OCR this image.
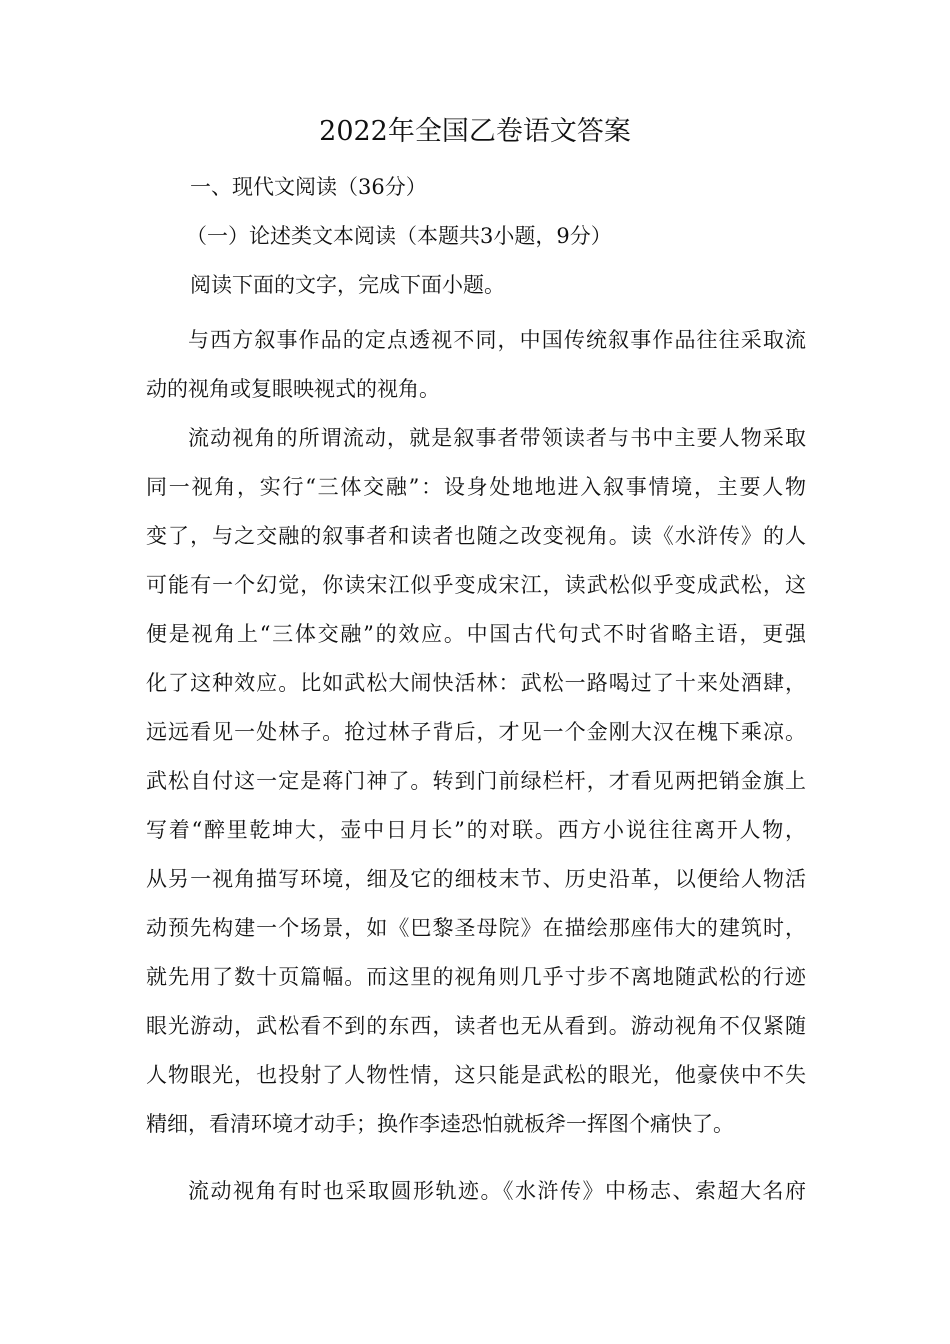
2022年全国乙卷语文答案

一、现代文阅读（36分）

（一）论述类文本阅读（本题共3小题，9分）

阅读下面的文字，完成下面小题。

与西方叙事作品的定点透视不同，中国传统叙事作品往往采取流
动的视角或复眼映视式的视角。
流动视角的所谓流动，就是叙事者带领读者与书中主要人物采取
同一视角，实行“三体交融”：设身处地地进入叙事情境，主要人物
变了，与之交融的叙事者和读者也随之改变视角。读《水浒传》的人
可能有一个幻觉，你读宋江似乎变成宋江，读武松似乎变成武松，这
便是视角上“三体交融”的效应。中国古代句式不时省略主语，更强
化了这种效应。比如武松大闹快活林：武松一路喝过了十来处酒肆，
远远看见一处林子。抢过林子背后，才见一个金刚大汉在槐下乘凉。
武松自付这一定是蒋门神了。转到门前绿栏杆，才看见两把销金旗上
写着“醉里乾坤大，壶中日月长”的对联。西方小说往往离开人物，
从另一视角描写环境，细及它的细枝末节、历史沿革，以便给人物活
动预先构建一个场景，如《巴黎圣母院》在描绘那座伟大的建筑时，
就先用了数十页篇幅。而这里的视角则几乎寸步不离地随武松的行迹
眼光游动，武松看不到的东西，读者也无从看到。游动视角不仅紧随
人物眼光，也投射了人物性情，这只能是武松的眼光，他豪侠中不失
精细，看清环境才动手；换作李逵恐怕就板斧一挥图个痛快了。
流动视角有时也采取圆形轨迹。《水浒传》中杨志、索超大名府
